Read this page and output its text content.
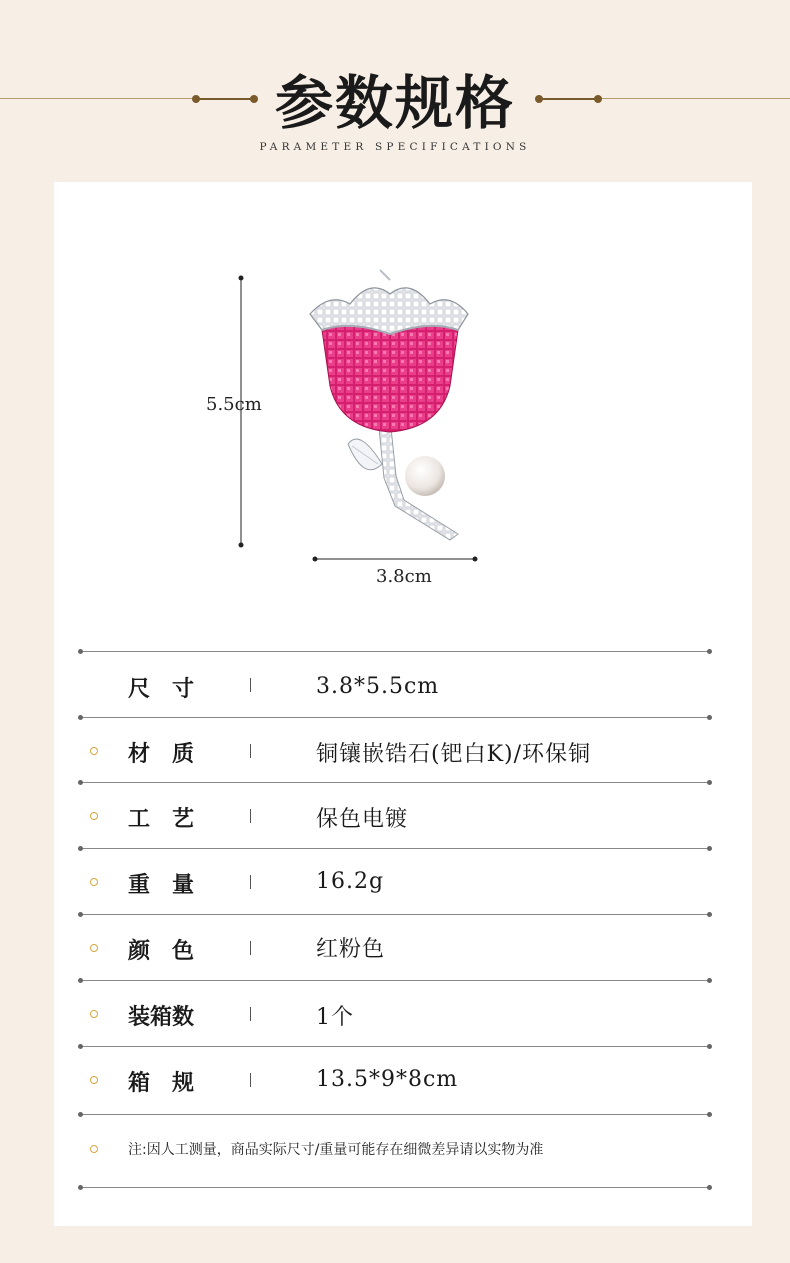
参数规格
PARAMETER SPECIFICATIONS
5.5cm
3.8cm
尺　寸	3.8*5.5cm
材　质	铜镶嵌锆石(钯白K)/环保铜
工　艺	保色电镀
重　量	16.2g
颜　色	红粉色
装箱数	1个
箱　规	13.5*9*8cm
注:因人工测量，商品实际尺寸/重量可能存在细微差异请以实物为准
